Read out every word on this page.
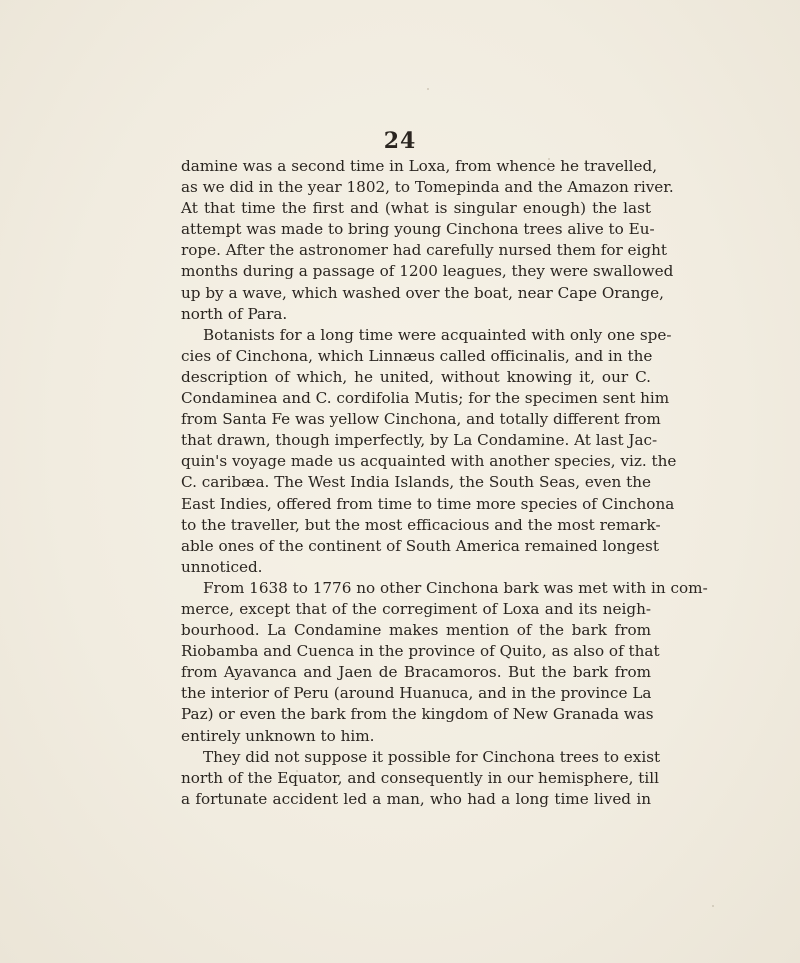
24
damine was a second time in Loxa, from whence he travelled,
as we did in the year 1802, to Tomepinda and the Amazon river.
At that time the first and (what is singular enough) the last
attempt was made to bring young Cinchona trees alive to Eu-
rope. After the astronomer had carefully nursed them for eight
months during a passage of 1200 leagues, they were swallowed
up by a wave, which washed over the boat, near Cape Orange,
north of Para.
Botanists for a long time were acquainted with only one spe-
cies of Cinchona, which Linnæus called officinalis, and in the
description of which, he united, without knowing it, our C.
Condaminea and C. cordifolia Mutis; for the specimen sent him
from Santa Fe was yellow Cinchona, and totally different from
that drawn, though imperfectly, by La Condamine. At last Jac-
quin's voyage made us acquainted with another species, viz. the
C. caribæa. The West India Islands, the South Seas, even the
East Indies, offered from time to time more species of Cinchona
to the traveller, but the most efficacious and the most remark-
able ones of the continent of South America remained longest
unnoticed.
From 1638 to 1776 no other Cinchona bark was met with in com-
merce, except that of the corregiment of Loxa and its neigh-
bourhood. La Condamine makes mention of the bark from
Riobamba and Cuenca in the province of Quito, as also of that
from Ayavanca and Jaen de Bracamoros. But the bark from
the interior of Peru (around Huanuca, and in the province La
Paz) or even the bark from the kingdom of New Granada was
entirely unknown to him.
They did not suppose it possible for Cinchona trees to exist
north of the Equator, and consequently in our hemisphere, till
a fortunate accident led a man, who had a long time lived in
